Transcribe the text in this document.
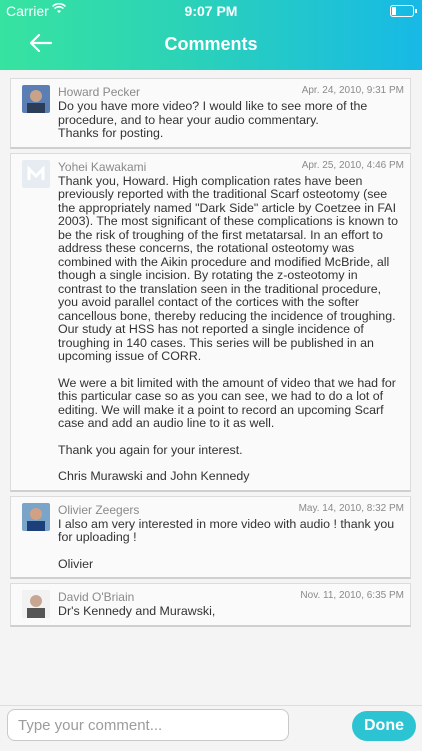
Carrier	9:07 PM
Comments
Howard Pecker	Apr. 24, 2010, 9:31 PM

Do you have more video? I would like to see more of the procedure, and to hear your audio commentary.
Thanks for posting.

Yohei Kawakami	Apr. 25, 2010, 4:46 PM

Thank you, Howard. High complication rates have been previously reported with the traditional Scarf osteotomy (see the appropriately named "Dark Side" article by Coetzee in FAI 2003). The most significant of these complications is known to be the risk of troughing of the first metatarsal. In an effort to address these concerns, the rotational osteotomy was combined with the Aikin procedure and modified McBride, all though a single incision. By rotating the z-osteotomy in contrast to the translation seen in the traditional procedure, you avoid parallel contact of the cortices with the softer cancellous bone, thereby reducing the incidence of troughing. Our study at HSS has not reported a single incidence of troughing in 140 cases. This series will be published in an upcoming issue of CORR.

We were a bit limited with the amount of video that we had for this particular case so as you can see, we had to do a lot of editing. We will make it a point to record an upcoming Scarf case and add an audio line to it as well.

Thank you again for your interest.

Chris Murawski and John Kennedy

Olivier Zeegers	May. 14, 2010, 8:32 PM

I also am very interested in more video with audio ! thank you for uploading !

Olivier

David O'Briain	Nov. 11, 2010, 6:35 PM

Dr's Kennedy and Murawski,

Type your comment...
Done
